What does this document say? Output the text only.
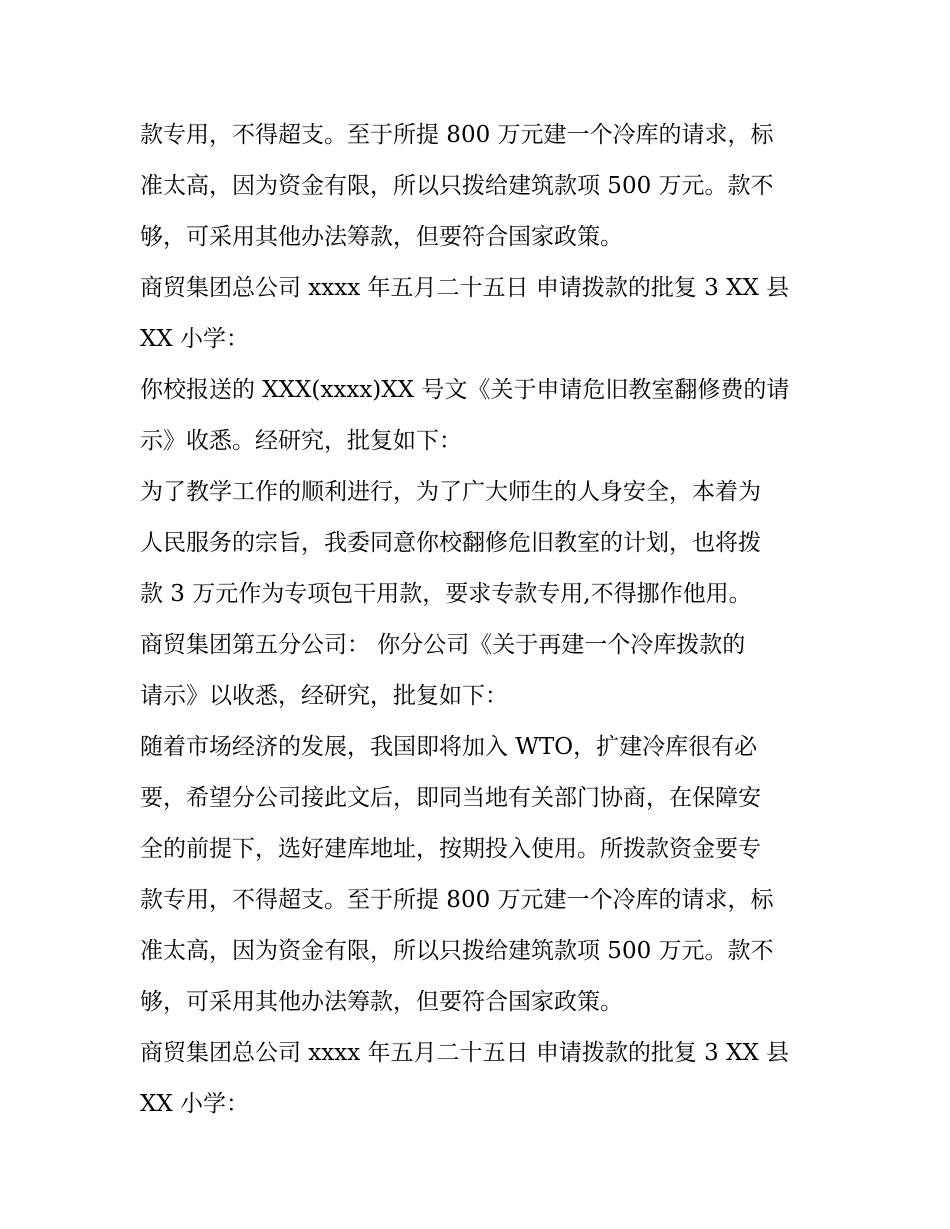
款专用，不得超支。至于所提 800 万元建一个冷库的请求，标
准太高，因为资金有限，所以只拨给建筑款项 500 万元。款不
够，可采用其他办法筹款，但要符合国家政策。
商贸集团总公司 xxxx 年五月二十五日 申请拨款的批复 3 XX 县
XX 小学：
你校报送的 XXX(xxxx)XX 号文《关于申请危旧教室翻修费的请
示》收悉。经研究，批复如下：
为了教学工作的顺利进行，为了广大师生的人身安全，本着为
人民服务的宗旨，我委同意你校翻修危旧教室的计划，也将拨
款 3 万元作为专项包干用款，要求专款专用,不得挪作他用。
商贸集团第五分公司： 你分公司《关于再建一个冷库拨款的
请示》以收悉，经研究，批复如下：
随着市场经济的发展，我国即将加入 WTO，扩建冷库很有必
要，希望分公司接此文后，即同当地有关部门协商，在保障安
全的前提下，选好建库地址，按期投入使用。所拨款资金要专
款专用，不得超支。至于所提 800 万元建一个冷库的请求，标
准太高，因为资金有限，所以只拨给建筑款项 500 万元。款不
够，可采用其他办法筹款，但要符合国家政策。
商贸集团总公司 xxxx 年五月二十五日 申请拨款的批复 3 XX 县
XX 小学：
